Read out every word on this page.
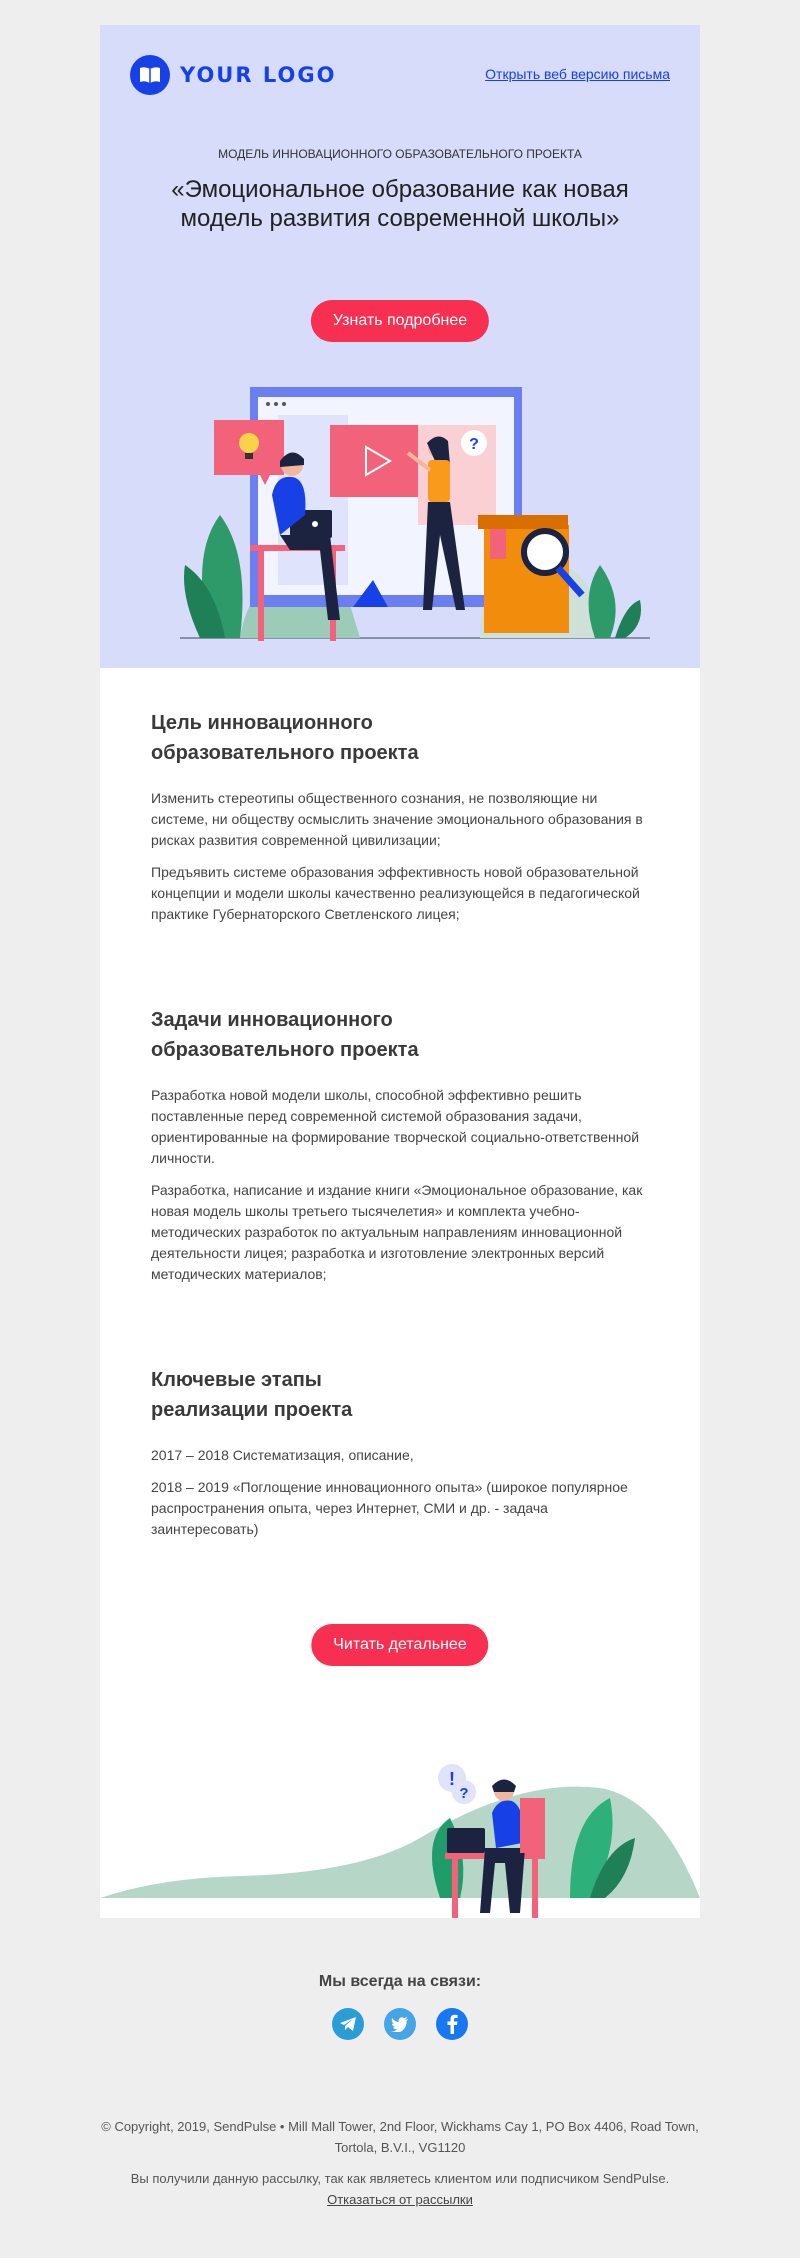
YOUR LOGO	Открыть веб версию письма
МОДЕЛЬ ИННОВАЦИОННОГО ОБРАЗОВАТЕЛЬНОГО ПРОЕКТА
«Эмоциональное образование как новая модель развития современной школы»
Узнать подробнее
?
Цель инновационного
образовательного проекта
Изменить стереотипы общественного сознания, не позволяющие ни системе, ни обществу осмыслить значение эмоционального образования в рисках развития современной цивилизации;
Предъявить системе образования эффективность новой образовательной концепции и модели школы качественно реализующейся в педагогической практике Губернаторского Светленского лицея;
Задачи инновационного
образовательного проекта
Разработка новой модели школы, способной эффективно решить поставленные перед современной системой образования задачи, ориентированные на формирование творческой социально-ответственной личности.
Разработка, написание и издание книги «Эмоциональное образование, как новая модель школы третьего тысячелетия» и комплекта учебно-методических разработок по актуальным направлениям инновационной деятельности лицея; разработка и изготовление электронных версий методических материалов;
Ключевые этапы
реализации проекта
2017 – 2018 Систематизация, описание,
2018 – 2019 «Поглощение инновационного опыта» (широкое популярное распространения опыта, через Интернет, СМИ и др. - задача заинтересовать)
Читать детальнее
!
?
Мы всегда на связи:

© Copyright, 2019, SendPulse • Mill Mall Tower, 2nd Floor, Wickhams Cay 1, PO Box 4406, Road Town, Tortola, B.V.I., VG1120

Вы получили данную рассылку, так как являетесь клиентом или подписчиком SendPulse.

Отказаться от рассылки
